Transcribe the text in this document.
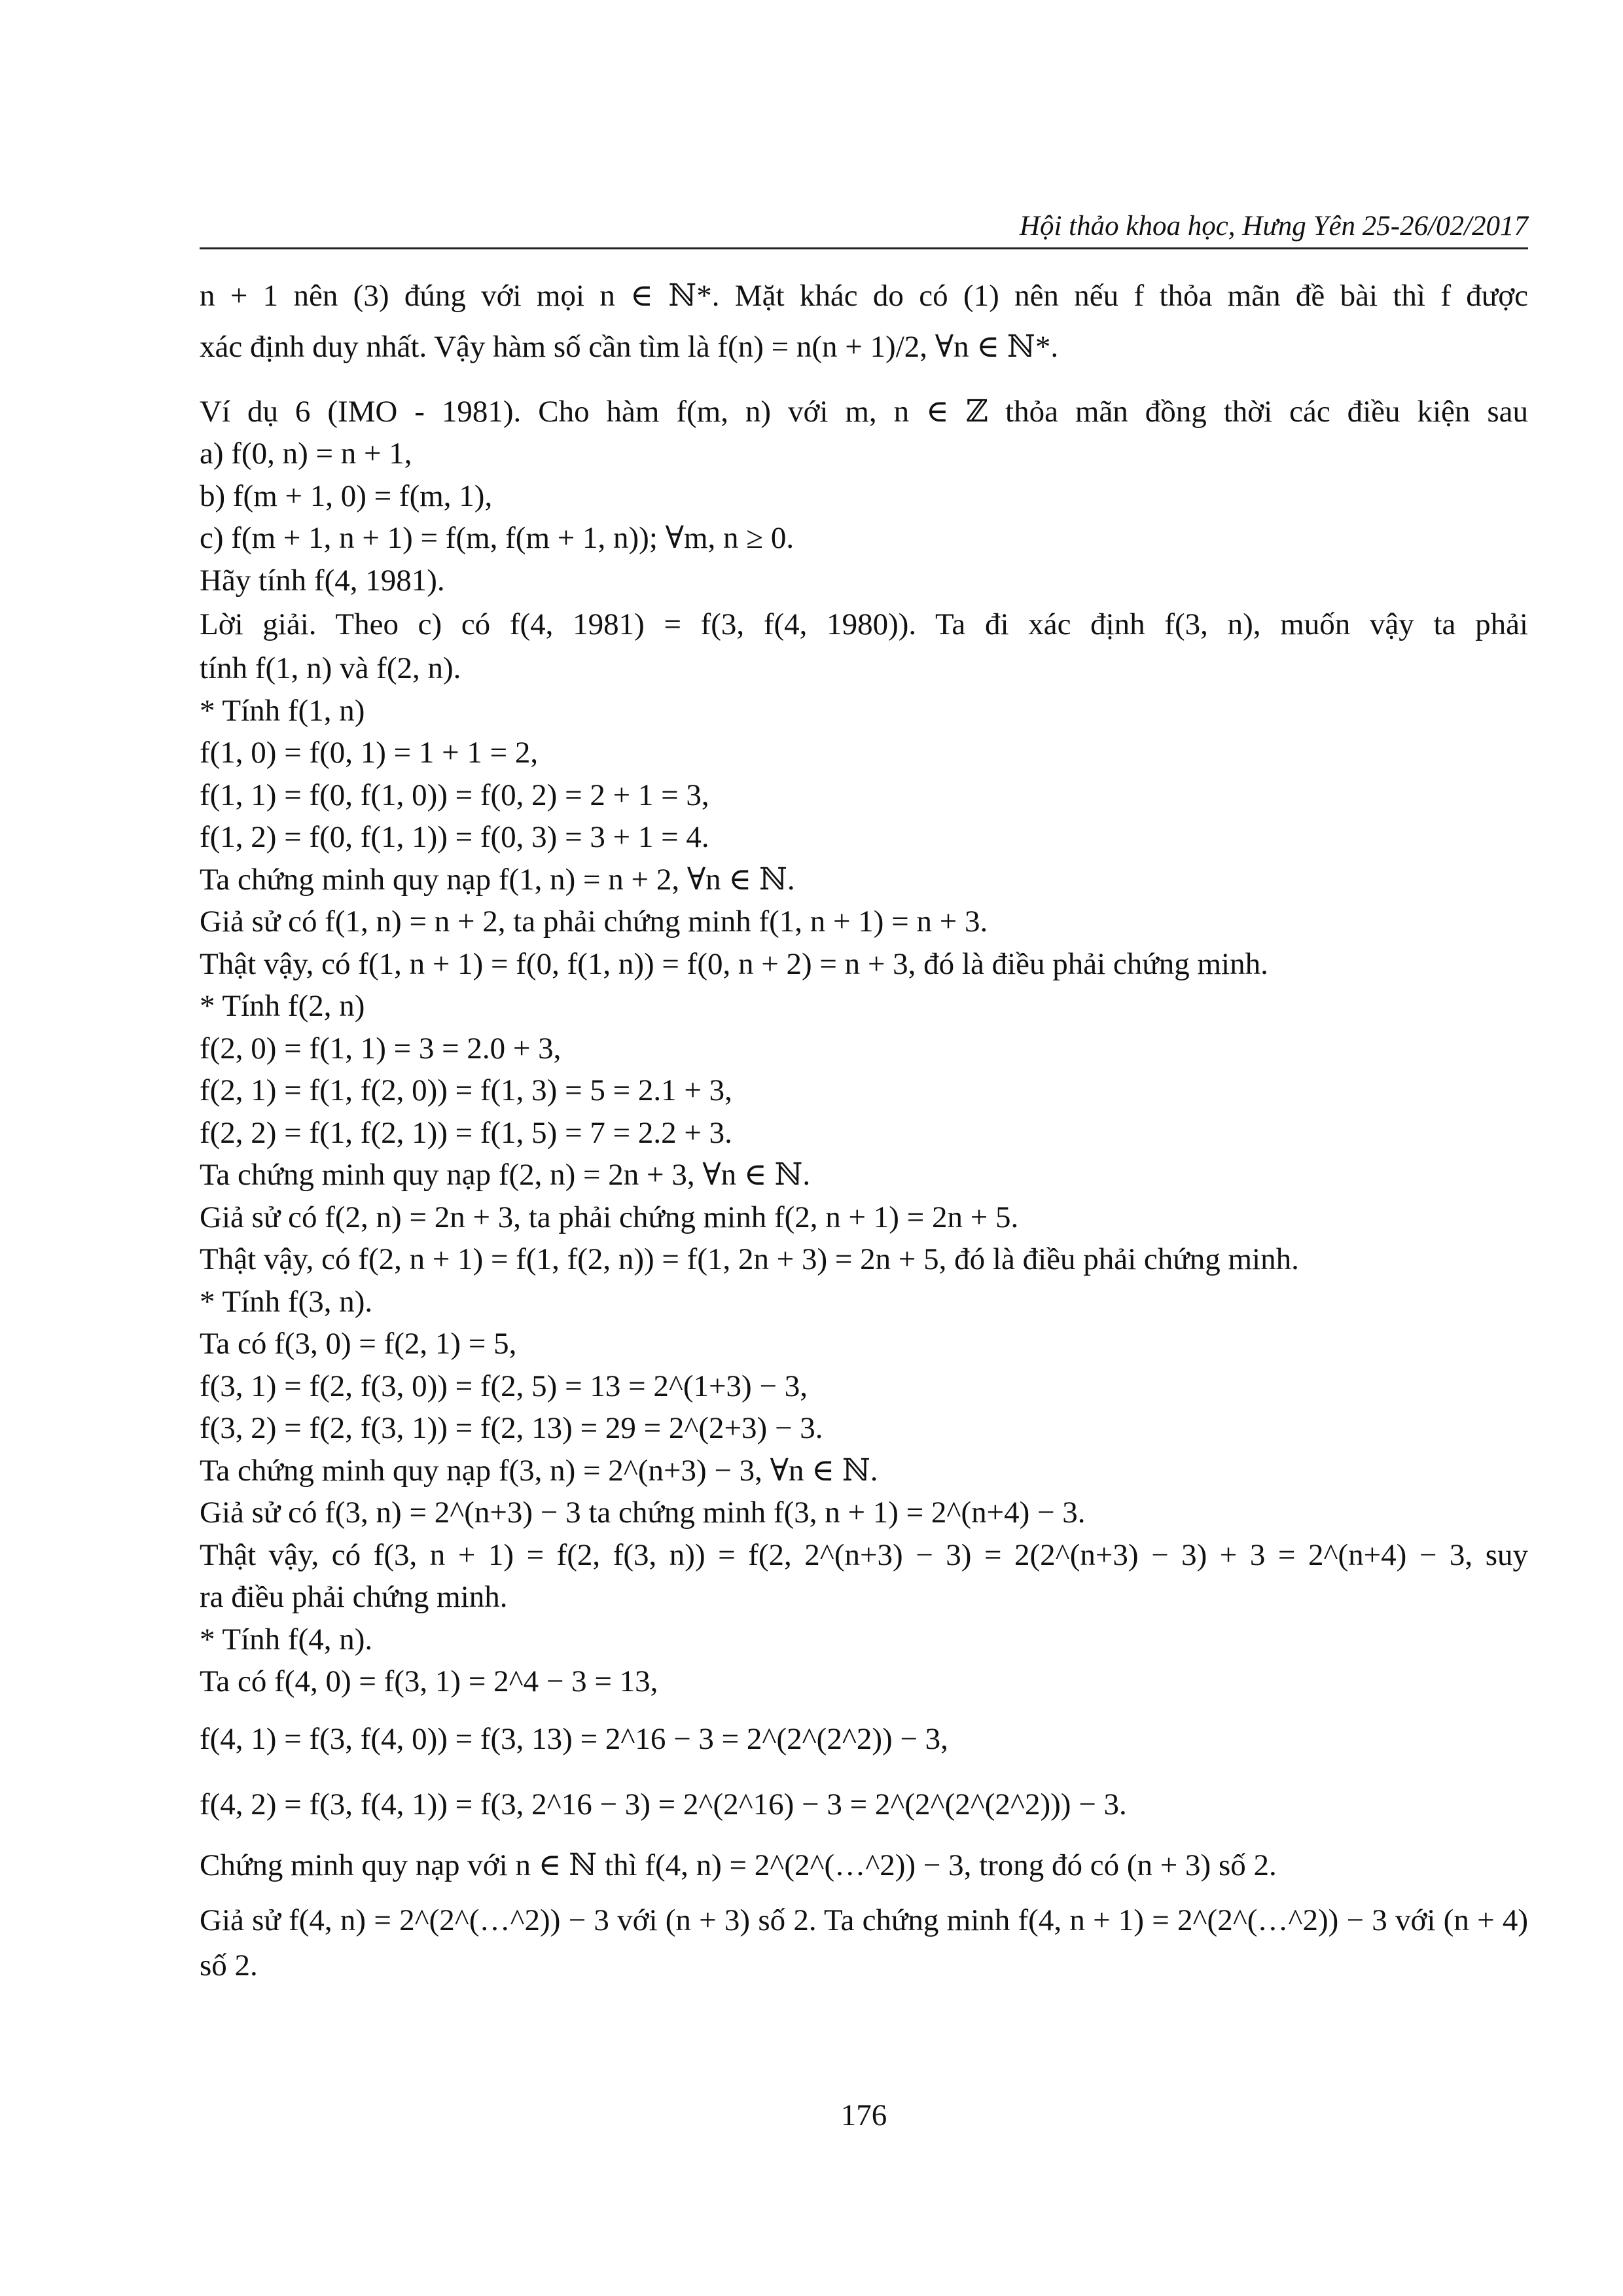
Hội thảo khoa học, Hưng Yên 25-26/02/2017
n + 1 nên (3) đúng với mọi n ∈ ℕ*. Mặt khác do có (1) nên nếu f thỏa mãn đề bài thì f được
xác định duy nhất. Vậy hàm số cần tìm là f(n) = n(n + 1)/2, ∀n ∈ ℕ*.
Ví dụ 6 (IMO - 1981). Cho hàm f(m, n) với m, n ∈ ℤ thỏa mãn đồng thời các điều kiện sau
a) f(0, n) = n + 1,
b) f(m + 1, 0) = f(m, 1),
c) f(m + 1, n + 1) = f(m, f(m + 1, n)); ∀m, n ≥ 0.
Hãy tính f(4, 1981).
Lời giải. Theo c) có f(4, 1981) = f(3, f(4, 1980)). Ta đi xác định f(3, n), muốn vậy ta phải
tính f(1, n) và f(2, n).
* Tính f(1, n)
f(1, 0) = f(0, 1) = 1 + 1 = 2,
f(1, 1) = f(0, f(1, 0)) = f(0, 2) = 2 + 1 = 3,
f(1, 2) = f(0, f(1, 1)) = f(0, 3) = 3 + 1 = 4.
Ta chứng minh quy nạp f(1, n) = n + 2, ∀n ∈ ℕ.
Giả sử có f(1, n) = n + 2, ta phải chứng minh f(1, n + 1) = n + 3.
Thật vậy, có f(1, n + 1) = f(0, f(1, n)) = f(0, n + 2) = n + 3, đó là điều phải chứng minh.
* Tính f(2, n)
f(2, 0) = f(1, 1) = 3 = 2.0 + 3,
f(2, 1) = f(1, f(2, 0)) = f(1, 3) = 5 = 2.1 + 3,
f(2, 2) = f(1, f(2, 1)) = f(1, 5) = 7 = 2.2 + 3.
Ta chứng minh quy nạp f(2, n) = 2n + 3, ∀n ∈ ℕ.
Giả sử có f(2, n) = 2n + 3, ta phải chứng minh f(2, n + 1) = 2n + 5.
Thật vậy, có f(2, n + 1) = f(1, f(2, n)) = f(1, 2n + 3) = 2n + 5, đó là điều phải chứng minh.
* Tính f(3, n).
Ta có f(3, 0) = f(2, 1) = 5,
f(3, 1) = f(2, f(3, 0)) = f(2, 5) = 13 = 2^(1+3) − 3,
f(3, 2) = f(2, f(3, 1)) = f(2, 13) = 29 = 2^(2+3) − 3.
Ta chứng minh quy nạp f(3, n) = 2^(n+3) − 3, ∀n ∈ ℕ.
Giả sử có f(3, n) = 2^(n+3) − 3 ta chứng minh f(3, n + 1) = 2^(n+4) − 3.
Thật vậy, có f(3, n + 1) = f(2, f(3, n)) = f(2, 2^(n+3) − 3) = 2(2^(n+3) − 3) + 3 = 2^(n+4) − 3, suy
ra điều phải chứng minh.
* Tính f(4, n).
Ta có f(4, 0) = f(3, 1) = 2^4 − 3 = 13,
f(4, 1) = f(3, f(4, 0)) = f(3, 13) = 2^16 − 3 = 2^(2^(2^2)) − 3,
f(4, 2) = f(3, f(4, 1)) = f(3, 2^16 − 3) = 2^(2^16) − 3 = 2^(2^(2^(2^2))) − 3.
Chứng minh quy nạp với n ∈ ℕ thì f(4, n) = 2^(2^(…^2)) − 3, trong đó có (n + 3) số 2.
Giả sử f(4, n) = 2^(2^(…^2)) − 3 với (n + 3) số 2. Ta chứng minh f(4, n + 1) = 2^(2^(…^2)) − 3 với (n + 4)
số 2.
176
